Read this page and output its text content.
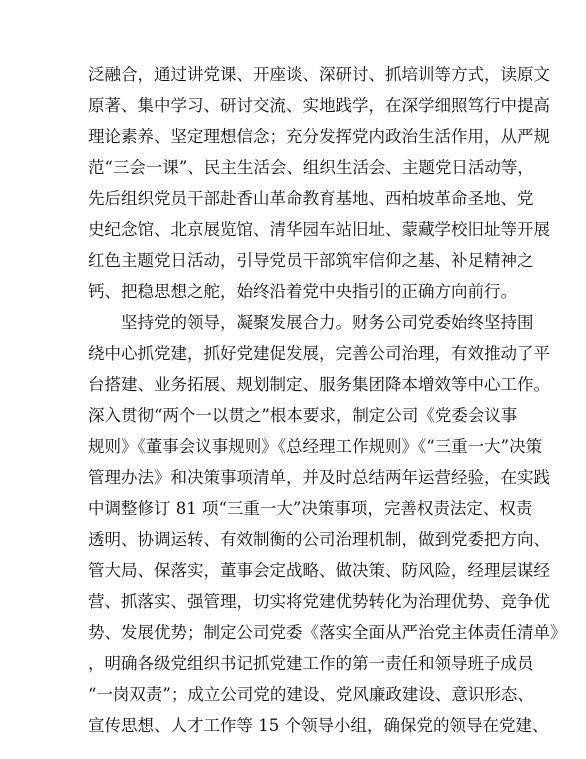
泛融合，通过讲党课、开座谈、深研讨、抓培训等方式，读原文
原著、集中学习、研讨交流、实地践学，在深学细照笃行中提高
理论素养、坚定理想信念；充分发挥党内政治生活作用，从严规
范“三会一课”、民主生活会、组织生活会、主题党日活动等，
先后组织党员干部赴香山革命教育基地、西柏坡革命圣地、党
史纪念馆、北京展览馆、清华园车站旧址、蒙藏学校旧址等开展
红色主题党日活动，引导党员干部筑牢信仰之基、补足精神之
钙、把稳思想之舵，始终沿着党中央指引的正确方向前行。
坚持党的领导，凝聚发展合力。财务公司党委始终坚持围
绕中心抓党建，抓好党建促发展，完善公司治理，有效推动了平
台搭建、业务拓展、规划制定、服务集团降本增效等中心工作。
深入贯彻“两个一以贯之”根本要求，制定公司《党委会议事
规则》《董事会议事规则》《总经理工作规则》《“三重一大”决策
管理办法》和决策事项清单，并及时总结两年运营经验，在实践
中调整修订 81 项“三重一大”决策事项，完善权责法定、权责
透明、协调运转、有效制衡的公司治理机制，做到党委把方向、
管大局、保落实，董事会定战略、做决策、防风险，经理层谋经
营、抓落实、强管理，切实将党建优势转化为治理优势、竞争优
势、发展优势；制定公司党委《落实全面从严治党主体责任清单》
，明确各级党组织书记抓党建工作的第一责任和领导班子成员
“一岗双责”；成立公司党的建设、党风廉政建设、意识形态、
宣传思想、人才工作等 15 个领导小组，确保党的领导在党建、
